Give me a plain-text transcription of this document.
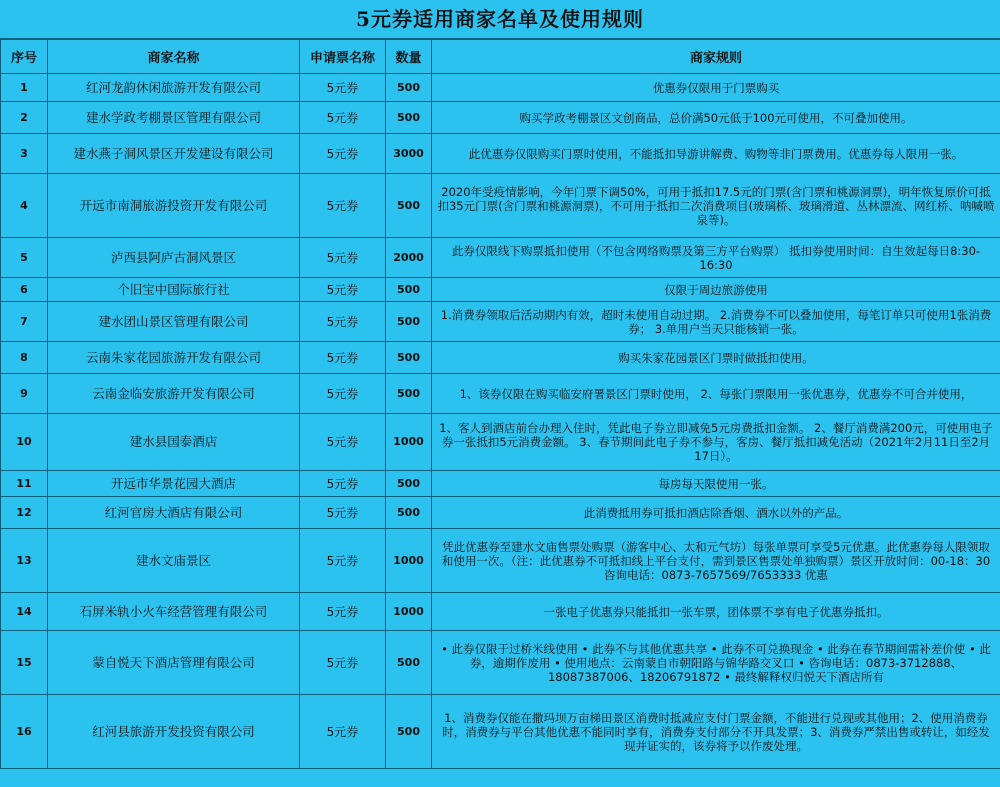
5元券适用商家名单及使用规则
序号	商家名称	申请票名称	数量	商家规则
1	红河龙韵休闲旅游开发有限公司	5元券	500	优惠券仅限用于门票购买
2	建水学政考棚景区管理有限公司	5元券	500	购买学政考棚景区文创商品，总价满50元低于100元可使用，不可叠加使用。
3	建水燕子洞风景区开发建设有限公司	5元券	3000	此优惠券仅限购买门票时使用，不能抵扣导游讲解费、购物等非门票费用。优惠券每人限用一张。
4	开远市南洞旅游投资开发有限公司	5元券	500	2020年受疫情影响，今年门票下调50%，可用于抵扣17.5元的门票(含门票和桃源洞票)，明年恢复原价可抵扣35元门票(含门票和桃源洞票)，不可用于抵扣二次消费项目(玻璃桥、玻璃滑道、丛林漂流、网红桥、呐喊喷泉等)。
5	泸西县阿庐古洞风景区	5元券	2000	此券仅限线下购票抵扣使用（不包含网络购票及第三方平台购票） 抵扣券使用时间：自生效起每日8:30-16:30
6	个旧宝中国际旅行社	5元券	500	仅限于周边旅游使用
7	建水团山景区管理有限公司	5元券	500	1.消费券领取后活动期内有效，超时未使用自动过期。 2.消费券不可以叠加使用，每笔订单只可使用1张消费券； 3.单用户当天只能核销一张。
8	云南朱家花园旅游开发有限公司	5元券	500	购买朱家花园景区门票时做抵扣使用。
9	云南金临安旅游开发有限公司	5元券	500	1、该券仅限在购买临安府署景区门票时使用， 2、每张门票限用一张优惠券，优惠券不可合并使用，
10	建水县国泰酒店	5元券	1000	1、客人到酒店前台办理入住时，凭此电子券立即减免5元房费抵扣金额。 2、餐厅消费满200元，可使用电子券一张抵扣5元消费金额。 3、春节期间此电子券不参与，客房、餐厅抵扣减免活动（2021年2月11日至2月17日）。
11	开远市华景花园大酒店	5元券	500	每房每天限使用一张。
12	红河官房大酒店有限公司	5元券	500	此消费抵用券可抵扣酒店除香烟、酒水以外的产品。
13	建水文庙景区	5元券	1000	凭此优惠券至建水文庙售票处购票（游客中心、太和元气坊）每张单票可享受5元优惠。此优惠券每人限领取和使用一次。（注：此优惠券不可抵扣线上平台支付，需到景区售票处单独购票）景区开放时间：00-18：30 咨询电话：0873-7657569/7653333 优惠
14	石屏米轨小火车经营管理有限公司	5元券	1000	一张电子优惠券只能抵扣一张车票，团体票不享有电子优惠券抵扣。
15	蒙自悦天下酒店管理有限公司	5元券	500	• 此券仅限于过桥米线使用 • 此券不与其他优惠共享 • 此券不可兑换现金 • 此券在春节期间需补差价使 • 此券，逾期作废用 • 使用地点：云南蒙自市朝阳路与锦华路交叉口 • 咨询电话：0873-3712888、18087387006、18206791872 • 最终解释权归悦天下酒店所有
16	红河县旅游开发投资有限公司	5元券	500	1、消费券仅能在撒玛坝万亩梯田景区消费时抵减应支付门票金额，不能进行兑现或其他用；2、使用消费券时，消费券与平台其他优惠不能同时享有，消费券支付部分不开具发票；3、消费券严禁出售或转让，如经发现并证实的，该券将予以作废处理。
